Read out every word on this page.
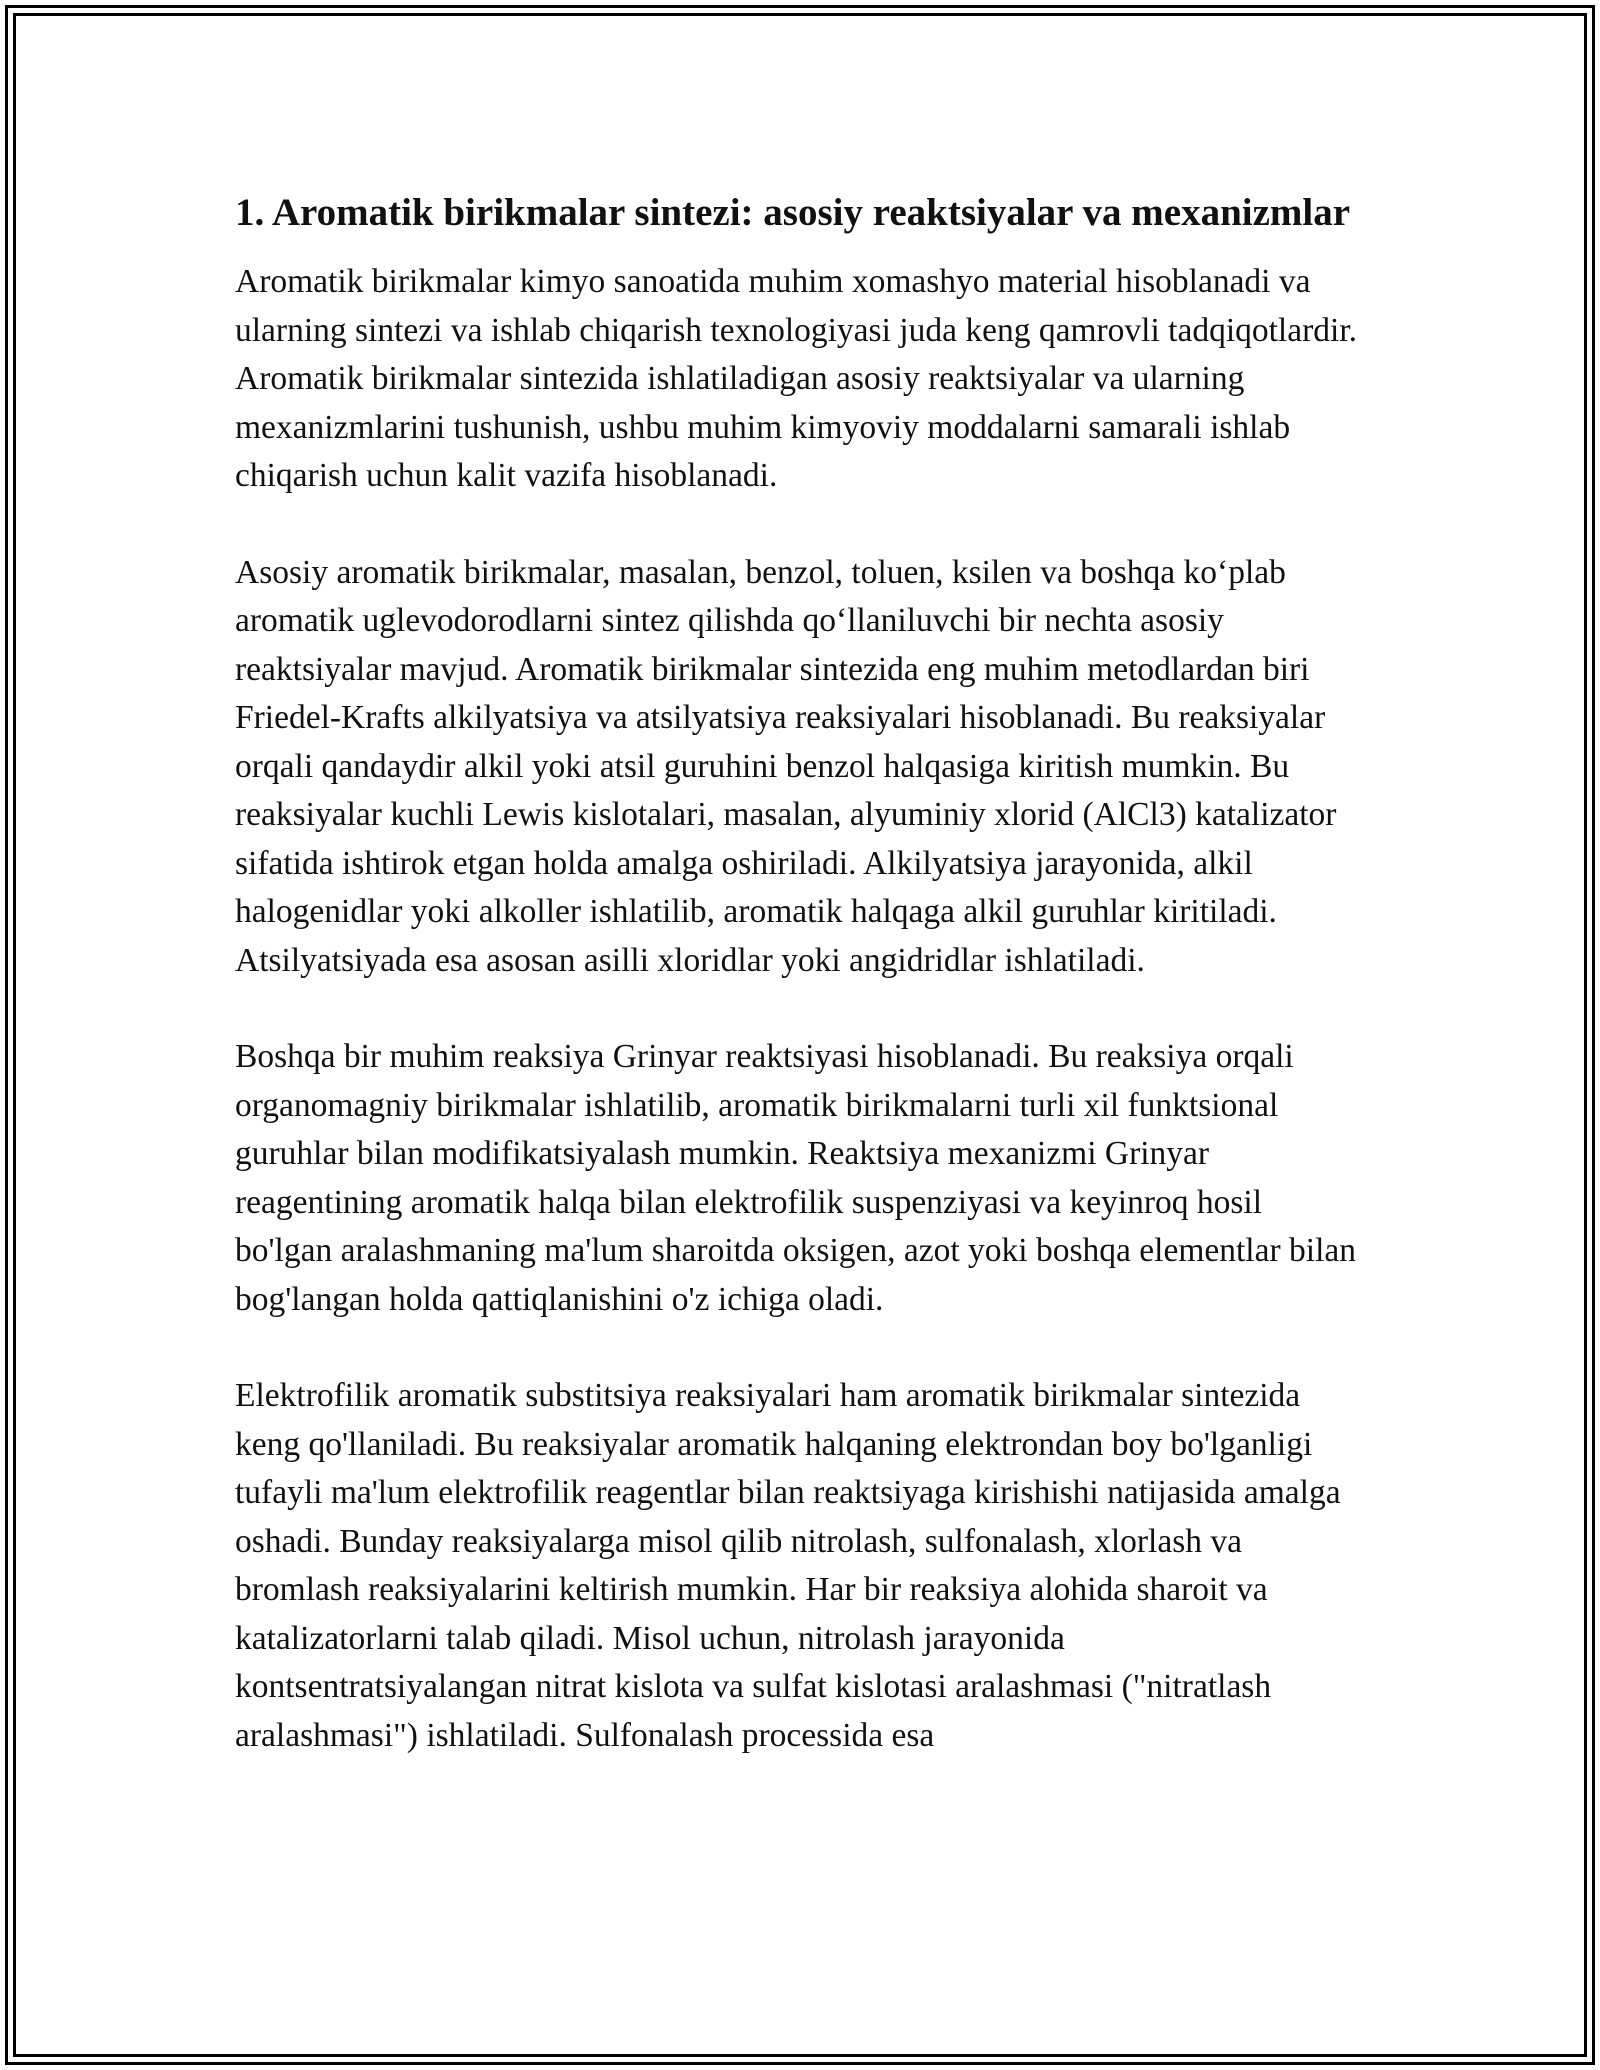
1. Aromatik birikmalar sintezi: asosiy reaktsiyalar va mexanizmlar

Aromatik birikmalar kimyo sanoatida muhim xomashyo material hisoblanadi va ularning sintezi va ishlab chiqarish texnologiyasi juda keng qamrovli tadqiqotlardir. Aromatik birikmalar sintezida ishlatiladigan asosiy reaktsiyalar va ularning mexanizmlarini tushunish, ushbu muhim kimyoviy moddalarni samarali ishlab chiqarish uchun kalit vazifa hisoblanadi.

Asosiy aromatik birikmalar, masalan, benzol, toluen, ksilen va boshqa ko‘plab aromatik uglevodorodlarni sintez qilishda qo‘llaniluvchi bir nechta asosiy reaktsiyalar mavjud. Aromatik birikmalar sintezida eng muhim metodlardan biri Friedel-Krafts alkilyatsiya va atsilyatsiya reaksiyalari hisoblanadi. Bu reaksiyalar orqali qandaydir alkil yoki atsil guruhini benzol halqasiga kiritish mumkin. Bu reaksiyalar kuchli Lewis kislotalari, masalan, alyuminiy xlorid (AlCl3) katalizator sifatida ishtirok etgan holda amalga oshiriladi. Alkilyatsiya jarayonida, alkil halogenidlar yoki alkoller ishlatilib, aromatik halqaga alkil guruhlar kiritiladi. Atsilyatsiyada esa asosan asilli xloridlar yoki angidridlar ishlatiladi.

Boshqa bir muhim reaksiya Grinyar reaktsiyasi hisoblanadi. Bu reaksiya orqali organomagniy birikmalar ishlatilib, aromatik birikmalarni turli xil funktsional guruhlar bilan modifikatsiyalash mumkin. Reaktsiya mexanizmi Grinyar reagentining aromatik halqa bilan elektrofilik suspenziyasi va keyinroq hosil bo'lgan aralashmaning ma'lum sharoitda oksigen, azot yoki boshqa elementlar bilan bog'langan holda qattiqlanishini o'z ichiga oladi.

Elektrofilik aromatik substitsiya reaksiyalari ham aromatik birikmalar sintezida keng qo'llaniladi. Bu reaksiyalar aromatik halqaning elektrondan boy bo'lganligi tufayli ma'lum elektrofilik reagentlar bilan reaktsiyaga kirishishi natijasida amalga oshadi. Bunday reaksiyalarga misol qilib nitrolash, sulfonalash, xlorlash va bromlash reaksiyalarini keltirish mumkin. Har bir reaksiya alohida sharoit va katalizatorlarni talab qiladi. Misol uchun, nitrolash jarayonida kontsentratsiyalangan nitrat kislota va sulfat kislotasi aralashmasi ("nitratlash aralashmasi") ishlatiladi. Sulfonalash processida esa
